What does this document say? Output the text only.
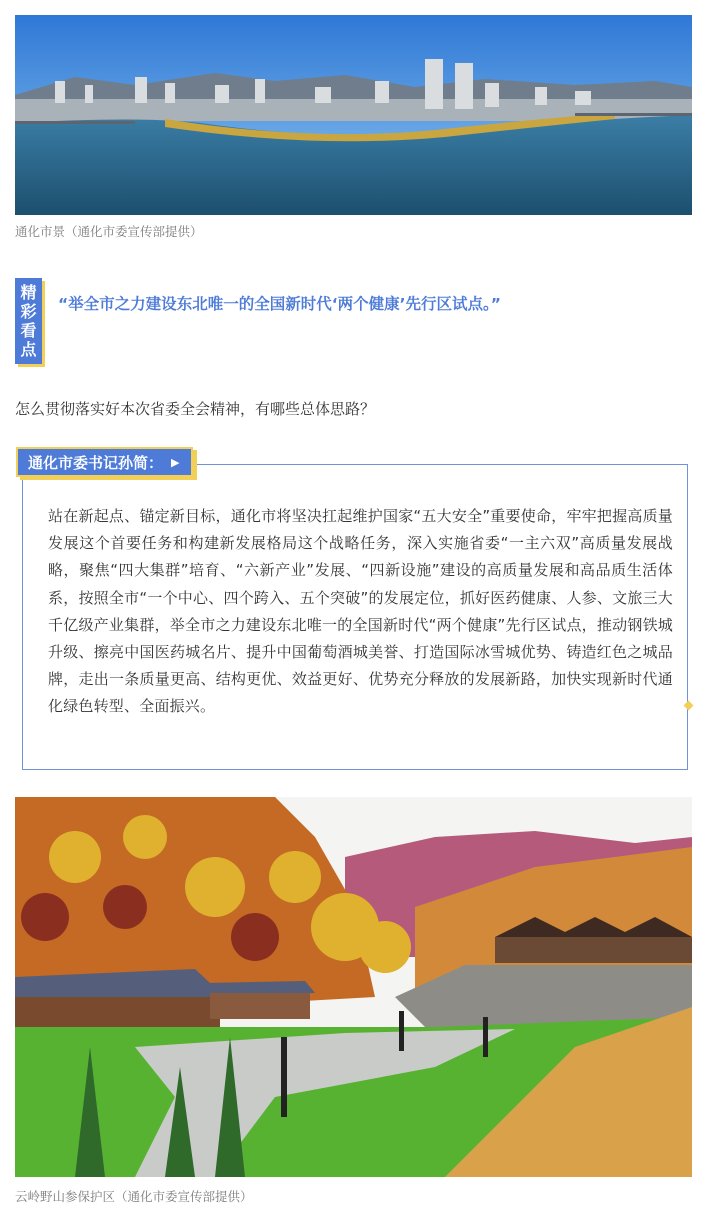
通化市景（通化市委宣传部提供）
精
彩
看
点
“举全市之力建设东北唯一的全国新时代‘两个健康’先行区试点。”
怎么贯彻落实好本次省委全会精神，有哪些总体思路？
通化市委书记孙简： ▶
站在新起点、锚定新目标，通化市将坚决扛起维护国家“五大安全”重要使命，牢牢把握高质量发展这个首要任务和构建新发展格局这个战略任务，深入实施省委“一主六双”高质量发展战略，聚焦“四大集群”培育、“六新产业”发展、“四新设施”建设的高质量发展和高品质生活体系，按照全市“一个中心、四个跨入、五个突破”的发展定位，抓好医药健康、人参、文旅三大千亿级产业集群，举全市之力建设东北唯一的全国新时代“两个健康”先行区试点，推动钢铁城升级、擦亮中国医药城名片、提升中国葡萄酒城美誉、打造国际冰雪城优势、铸造红色之城品牌，走出一条质量更高、结构更优、效益更好、优势充分释放的发展新路，加快实现新时代通化绿色转型、全面振兴。
云岭野山参保护区（通化市委宣传部提供）
